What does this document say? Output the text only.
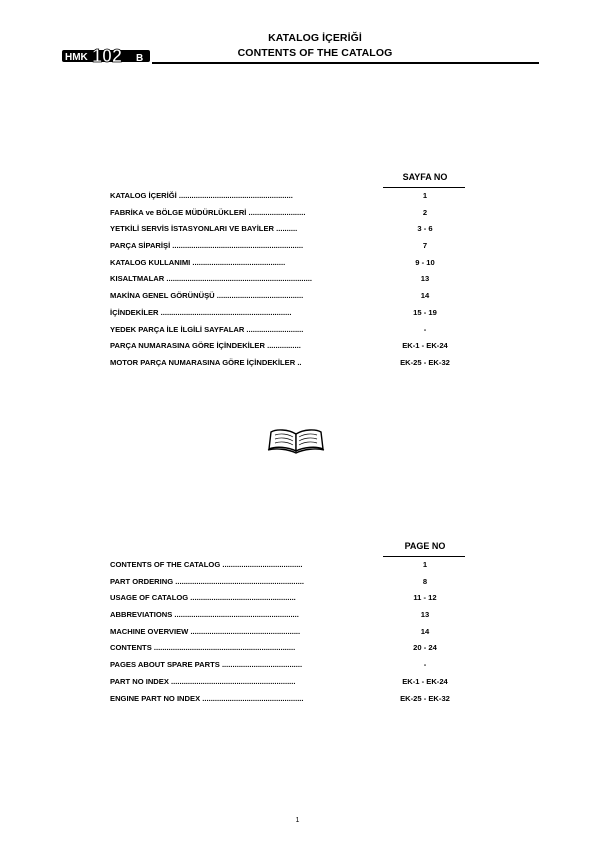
HMK 102 B
KATALOG İÇERİĞİ
CONTENTS OF THE CATALOG
SAYFA NO
KATALOG İÇERİĞİ ......................................................	1
FABRİKA ve BÖLGE MÜDÜRLÜKLERİ ...........................	2
YETKİLİ SERVİS İSTASYONLARI VE BAYİLER ..........	3 - 6
PARÇA SİPARİŞİ ..............................................................	7
KATALOG KULLANIMI ............................................	9 - 10
KISALTMALAR .....................................................................	13
MAKİNA GENEL GÖRÜNÜŞÜ .........................................	14
İÇİNDEKİLER ..............................................................	15 - 19
YEDEK PARÇA İLE İLGİLİ SAYFALAR ...........................	-
PARÇA NUMARASINA GÖRE İÇİNDEKİLER ................	EK-1 - EK-24
MOTOR PARÇA NUMARASINA GÖRE İÇİNDEKİLER ..	EK-25 - EK-32
PAGE NO
CONTENTS OF THE CATALOG ......................................	1
PART ORDERING .............................................................	8
USAGE OF CATALOG ..................................................	11 - 12
ABBREVIATIONS ...........................................................	13
MACHINE OVERVIEW ....................................................	14
CONTENTS ...................................................................	20 - 24
PAGES ABOUT SPARE PARTS ......................................	-
PART NO INDEX ...........................................................	EK-1 - EK-24
ENGINE PART NO INDEX ................................................	EK-25 - EK-32
1
